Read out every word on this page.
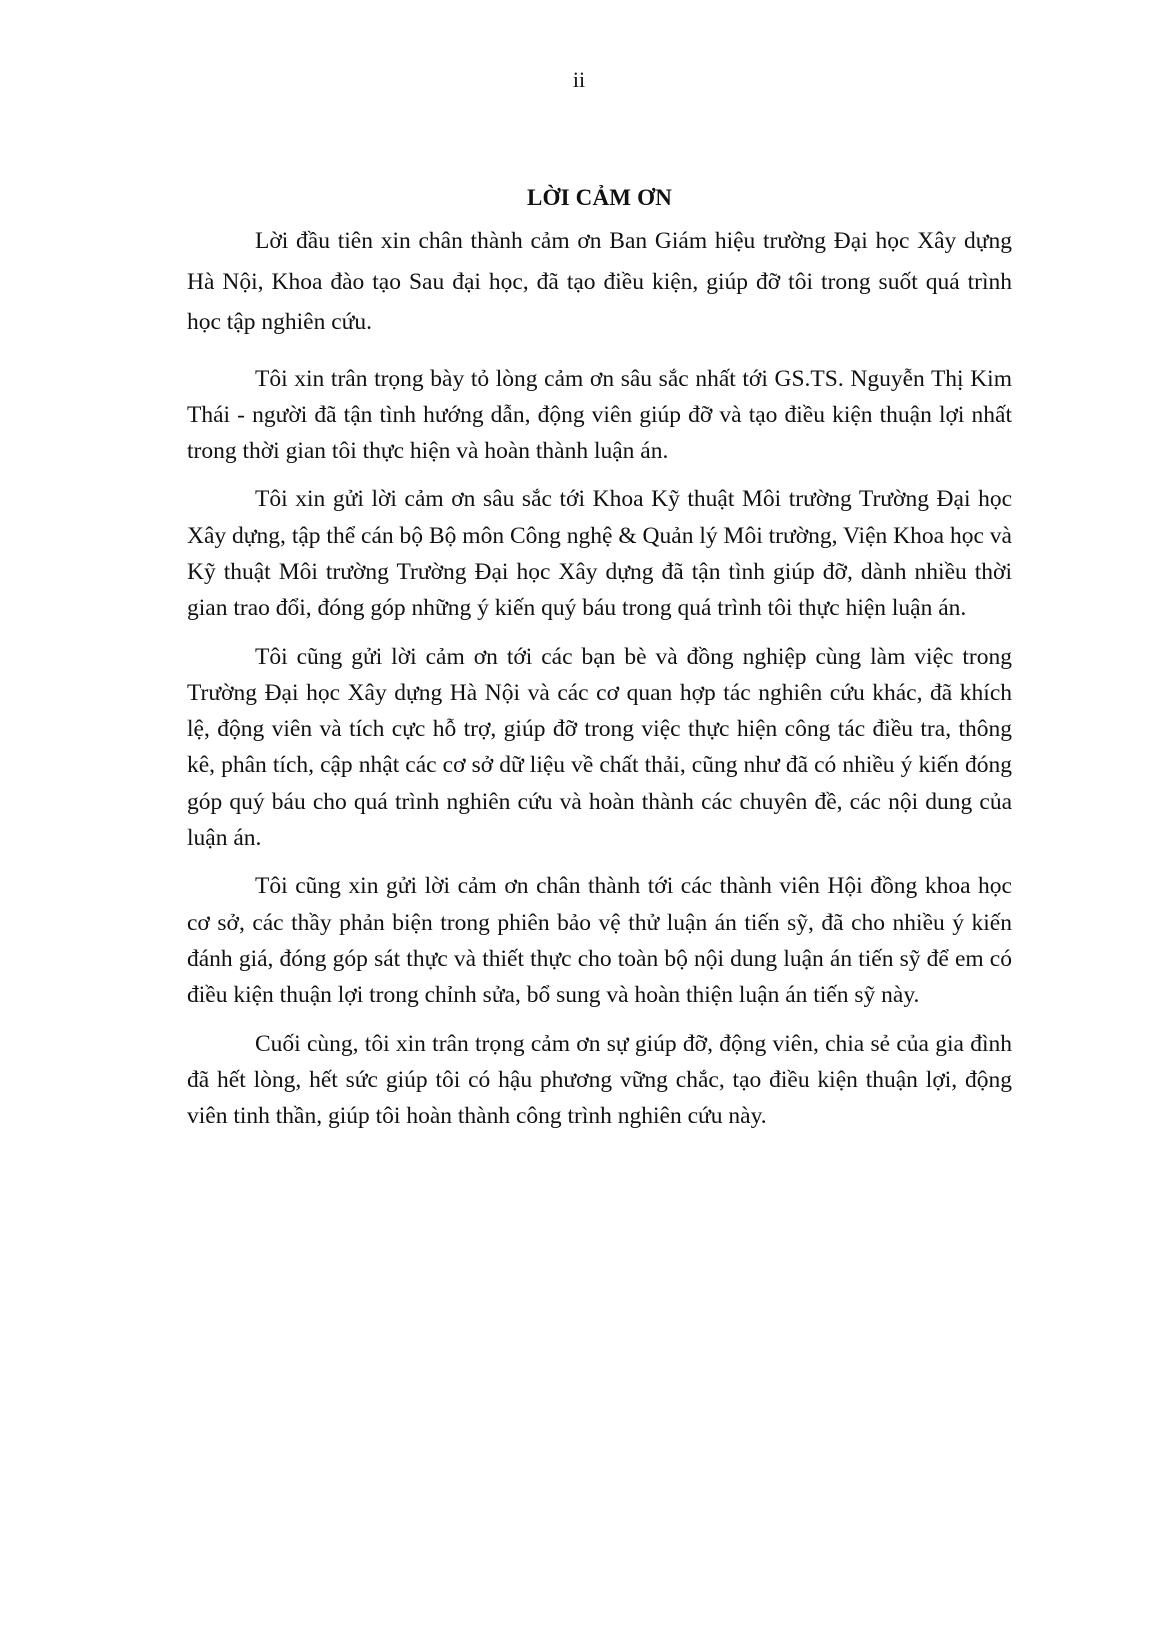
ii
LỜI CẢM ƠN

Lời đầu tiên xin chân thành cảm ơn Ban Giám hiệu trường Đại học Xây dựng Hà Nội, Khoa đào tạo Sau đại học, đã tạo điều kiện, giúp đỡ tôi trong suốt quá trình học tập nghiên cứu.

Tôi xin trân trọng bày tỏ lòng cảm ơn sâu sắc nhất tới GS.TS. Nguyễn Thị Kim Thái - người đã tận tình hướng dẫn, động viên giúp đỡ và tạo điều kiện thuận lợi nhất trong thời gian tôi thực hiện và hoàn thành luận án.

Tôi xin gửi lời cảm ơn sâu sắc tới Khoa Kỹ thuật Môi trường Trường Đại học Xây dựng, tập thể cán bộ Bộ môn Công nghệ & Quản lý Môi trường, Viện Khoa học và Kỹ thuật Môi trường Trường Đại học Xây dựng đã tận tình giúp đỡ, dành nhiều thời gian trao đổi, đóng góp những ý kiến quý báu trong quá trình tôi thực hiện luận án.

Tôi cũng gửi lời cảm ơn tới các bạn bè và đồng nghiệp cùng làm việc trong Trường Đại học Xây dựng Hà Nội và các cơ quan hợp tác nghiên cứu khác, đã khích lệ, động viên và tích cực hỗ trợ, giúp đỡ trong việc thực hiện công tác điều tra, thông kê, phân tích, cập nhật các cơ sở dữ liệu về chất thải, cũng như đã có nhiều ý kiến đóng góp quý báu cho quá trình nghiên cứu và hoàn thành các chuyên đề, các nội dung của luận án.

Tôi cũng xin gửi lời cảm ơn chân thành tới các thành viên Hội đồng khoa học cơ sở, các thầy phản biện trong phiên bảo vệ thử luận án tiến sỹ, đã cho nhiều ý kiến đánh giá, đóng góp sát thực và thiết thực cho toàn bộ nội dung luận án tiến sỹ để em có điều kiện thuận lợi trong chỉnh sửa, bổ sung và hoàn thiện luận án tiến sỹ này.

Cuối cùng, tôi xin trân trọng cảm ơn sự giúp đỡ, động viên, chia sẻ của gia đình đã hết lòng, hết sức giúp tôi có hậu phương vững chắc, tạo điều kiện thuận lợi, động viên tinh thần, giúp tôi hoàn thành công trình nghiên cứu này.
